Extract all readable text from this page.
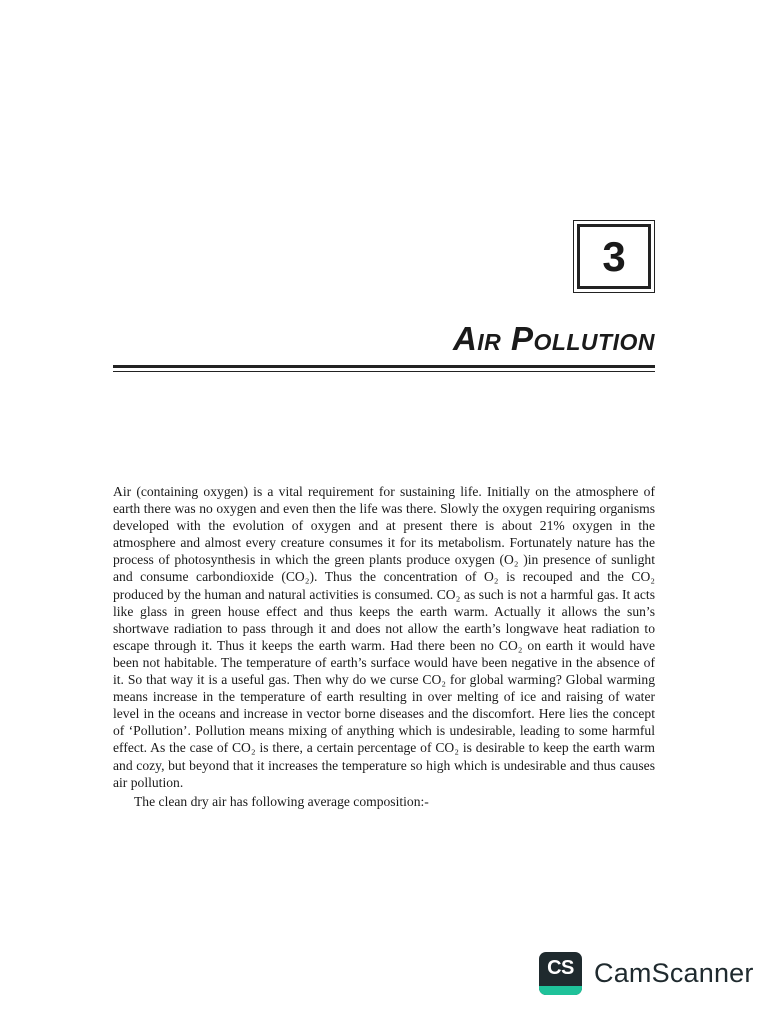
3
Air Pollution

Air (containing oxygen) is a vital requirement for sustaining life. Initially on the atmosphere of earth there was no oxygen and even then the life was there. Slowly the oxygen requiring organisms developed with the evolution of oxygen and at present there is about 21% oxygen in the atmosphere and almost every creature consumes it for its metabolism. Fortunately nature has the process of photosynthesis in which the green plants produce oxygen (O₂ )in presence of sunlight and consume carbondioxide (CO₂). Thus the concentration of O₂ is recouped and the CO₂ produced by the human and natural activities is consumed. CO₂ as such is not a harmful gas. It acts like glass in green house effect and thus keeps the earth warm. Actually it allows the sun’s shortwave radiation to pass through it and does not allow the earth’s longwave heat radiation to escape through it. Thus it keeps the earth warm. Had there been no CO₂ on earth it would have been not habitable. The temperature of earth’s surface would have been negative in the absence of it. So that way it is a useful gas. Then why do we curse CO₂ for global warming? Global warming means increase in the temperature of earth resulting in over melting of ice and raising of water level in the oceans and increase in vector borne diseases and the discomfort. Here lies the concept of ‘Pollution’. Pollution means mixing of anything which is undesirable, leading to some harmful effect. As the case of CO₂ is there, a certain percentage of CO₂ is desirable to keep the earth warm and cozy, but beyond that it increases the temperature so high which is undesirable and thus causes air pollution.

The clean dry air has following average composition:-

CS CamScanner
